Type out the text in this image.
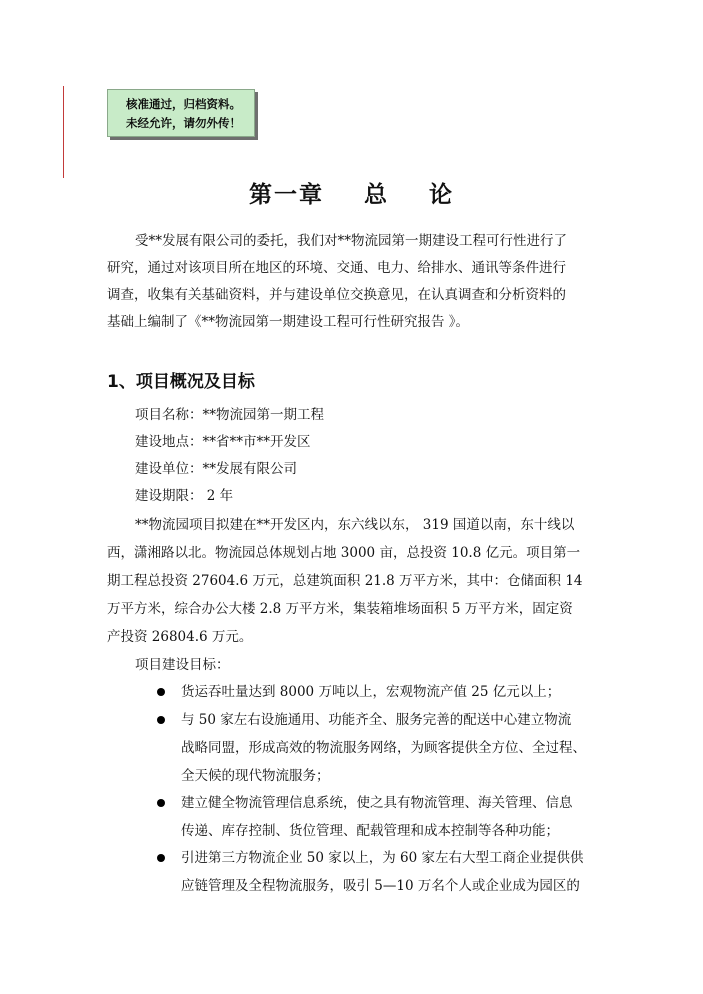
核准通过，归档资料。
未经允许，请勿外传！
第一章    总    论
受**发展有限公司的委托，我们对**物流园第一期建设工程可行性进行了
研究，通过对该项目所在地区的环境、交通、电力、给排水、通讯等条件进行
调查，收集有关基础资料，并与建设单位交换意见，在认真调查和分析资料的
基础上编制了《**物流园第一期建设工程可行性研究报告 》。
1、项目概况及目标
项目名称：**物流园第一期工程
建设地点：**省**市**开发区
建设单位：**发展有限公司
建设期限： 2 年
**物流园项目拟建在**开发区内，东六线以东， 319 国道以南，东十线以
西，潇湘路以北。物流园总体规划占地 3000 亩，总投资 10.8 亿元。项目第一
期工程总投资 27604.6 万元，总建筑面积 21.8 万平方米，其中：仓储面积 14
万平方米，综合办公大楼 2.8 万平方米，集装箱堆场面积 5 万平方米，固定资
产投资 26804.6 万元。
项目建设目标：
货运吞吐量达到 8000 万吨以上，宏观物流产值 25 亿元以上；
与 50 家左右设施通用、功能齐全、服务完善的配送中心建立物流
战略同盟，形成高效的物流服务网络，为顾客提供全方位、全过程、
全天候的现代物流服务；
建立健全物流管理信息系统，使之具有物流管理、海关管理、信息
传递、库存控制、货位管理、配载管理和成本控制等各种功能；
引进第三方物流企业 50 家以上，为 60 家左右大型工商企业提供供
应链管理及全程物流服务，吸引 5—10 万名个人或企业成为园区的
